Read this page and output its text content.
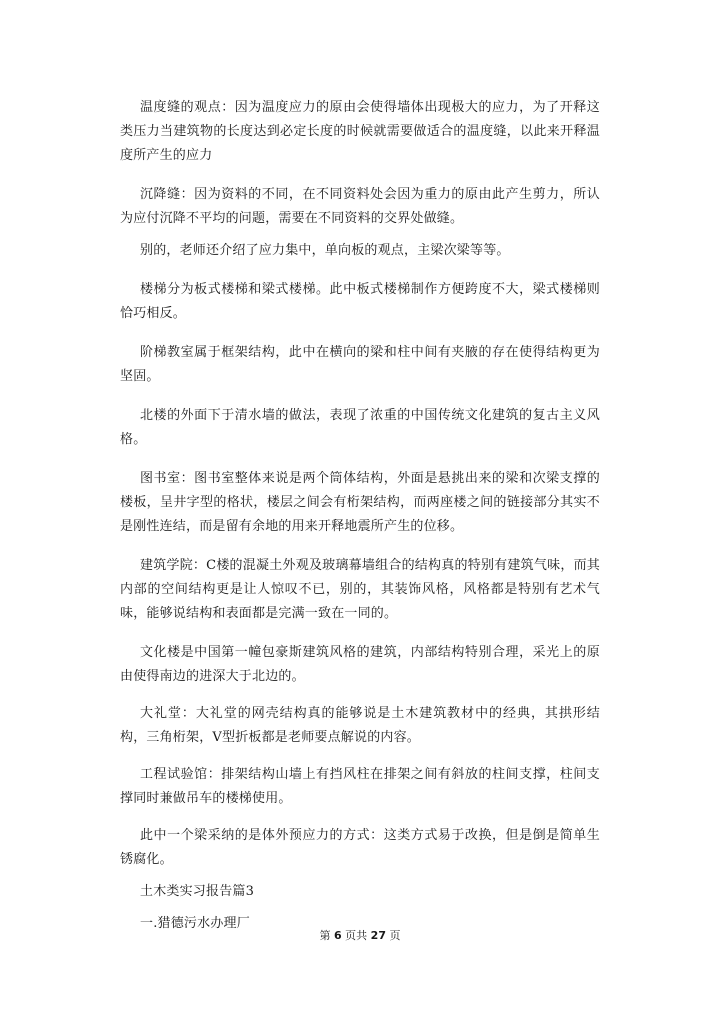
温度缝的观点：因为温度应力的原由会使得墙体出现极大的应力，为了开释这类压力当建筑物的长度达到必定长度的时候就需要做适合的温度缝，以此来开释温度所产生的应力

沉降缝：因为资料的不同，在不同资料处会因为重力的原由此产生剪力，所认为应付沉降不平均的问题，需要在不同资料的交界处做缝。

别的，老师还介绍了应力集中，单向板的观点，主梁次梁等等。

楼梯分为板式楼梯和梁式楼梯。此中板式楼梯制作方便跨度不大，梁式楼梯则恰巧相反。

阶梯教室属于框架结构，此中在横向的梁和柱中间有夹腋的存在使得结构更为坚固。

北楼的外面下于清水墙的做法，表现了浓重的中国传统文化建筑的复古主义风格。

图书室：图书室整体来说是两个筒体结构，外面是悬挑出来的梁和次梁支撑的楼板，呈井字型的格状，楼层之间会有桁架结构，而两座楼之间的链接部分其实不是刚性连结，而是留有余地的用来开释地震所产生的位移。

建筑学院：C楼的混凝土外观及玻璃幕墙组合的结构真的特别有建筑气味，而其内部的空间结构更是让人惊叹不已，别的，其装饰风格，风格都是特别有艺术气味，能够说结构和表面都是完满一致在一同的。

文化楼是中国第一幢包豪斯建筑风格的建筑，内部结构特别合理，采光上的原由使得南边的进深大于北边的。

大礼堂：大礼堂的网壳结构真的能够说是土木建筑教材中的经典，其拱形结构，三角桁架，V型折板都是老师要点解说的内容。

工程试验馆：排架结构山墙上有挡风柱在排架之间有斜放的柱间支撑，柱间支撑同时兼做吊车的楼梯使用。

此中一个梁采纳的是体外预应力的方式：这类方式易于改换，但是倒是简单生锈腐化。

土木类实习报告篇3

一.猎德污水办理厂

第 6 页共 27 页
